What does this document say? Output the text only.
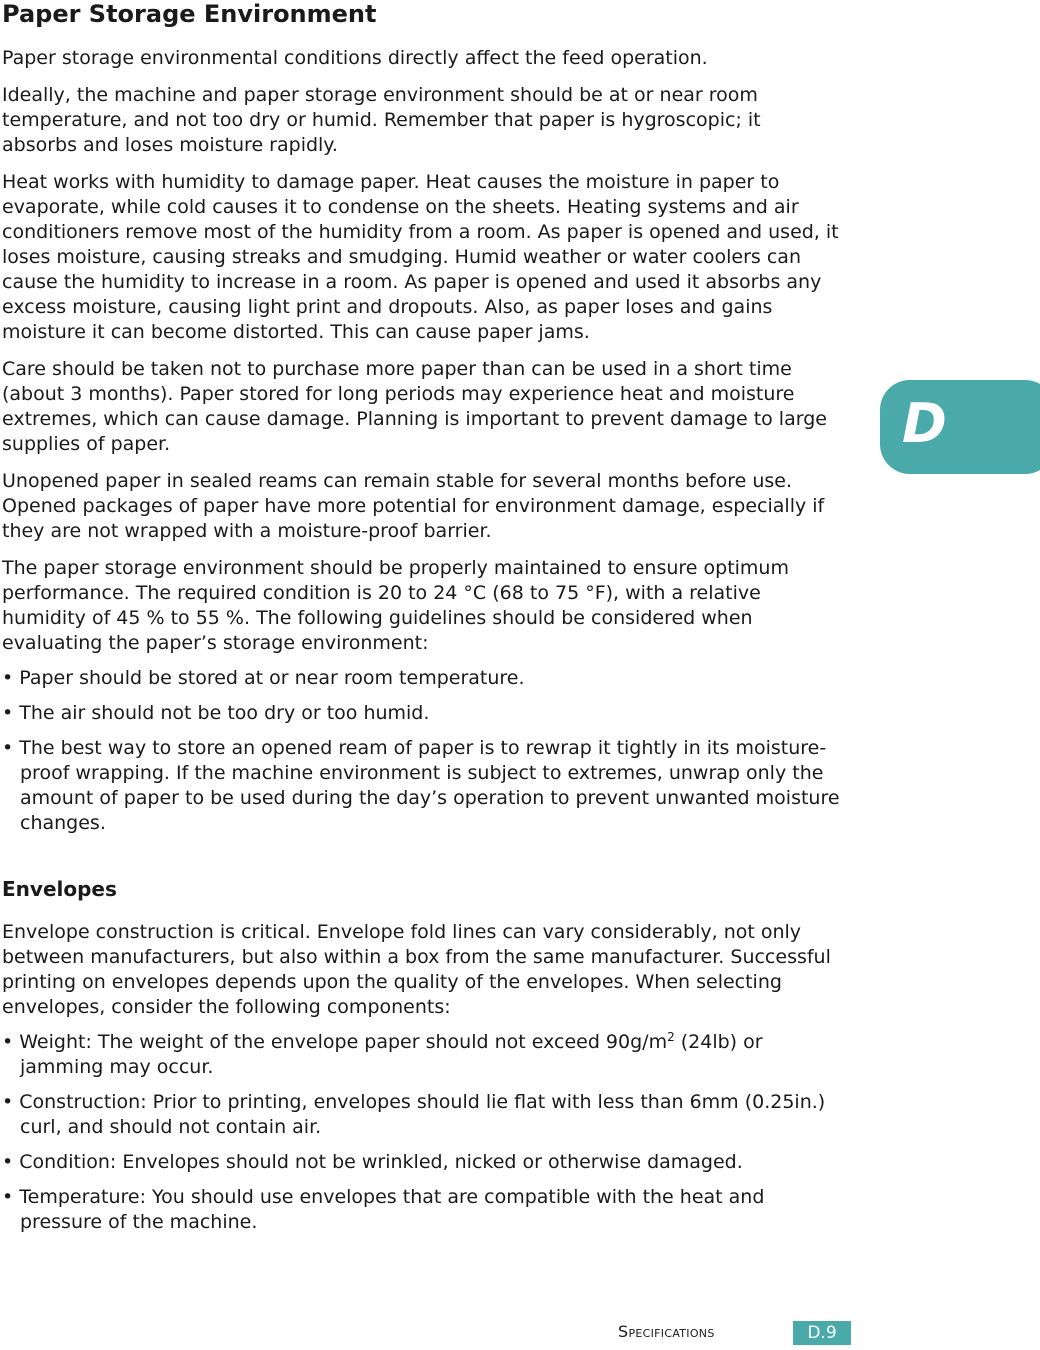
Paper Storage Environment

Paper storage environmental conditions directly affect the feed operation.

Ideally, the machine and paper storage environment should be at or near room temperature, and not too dry or humid. Remember that paper is hygroscopic; it absorbs and loses moisture rapidly.

Heat works with humidity to damage paper. Heat causes the moisture in paper to evaporate, while cold causes it to condense on the sheets. Heating systems and air conditioners remove most of the humidity from a room. As paper is opened and used, it loses moisture, causing streaks and smudging. Humid weather or water coolers can cause the humidity to increase in a room. As paper is opened and used it absorbs any excess moisture, causing light print and dropouts. Also, as paper loses and gains moisture it can become distorted. This can cause paper jams.

Care should be taken not to purchase more paper than can be used in a short time (about 3 months). Paper stored for long periods may experience heat and moisture extremes, which can cause damage. Planning is important to prevent damage to large supplies of paper.

Unopened paper in sealed reams can remain stable for several months before use. Opened packages of paper have more potential for environment damage, especially if they are not wrapped with a moisture-proof barrier.

The paper storage environment should be properly maintained to ensure optimum performance. The required condition is 20 to 24 °C (68 to 75 °F), with a relative humidity of 45 % to 55 %. The following guidelines should be considered when evaluating the paper’s storage environment:

• Paper should be stored at or near room temperature.

• The air should not be too dry or too humid.

• The best way to store an opened ream of paper is to rewrap it tightly in its moisture-proof wrapping. If the machine environment is subject to extremes, unwrap only the amount of paper to be used during the day’s operation to prevent unwanted moisture changes.

Envelopes

Envelope construction is critical. Envelope fold lines can vary considerably, not only between manufacturers, but also within a box from the same manufacturer. Successful printing on envelopes depends upon the quality of the envelopes. When selecting envelopes, consider the following components:

• Weight: The weight of the envelope paper should not exceed $90g/m^2$ (24lb) or jamming may occur.

• Construction: Prior to printing, envelopes should lie flat with less than 6mm (0.25in.) curl, and should not contain air.

• Condition: Envelopes should not be wrinkled, nicked or otherwise damaged.

• Temperature: You should use envelopes that are compatible with the heat and pressure of the machine.

D
Specifications	D.9
